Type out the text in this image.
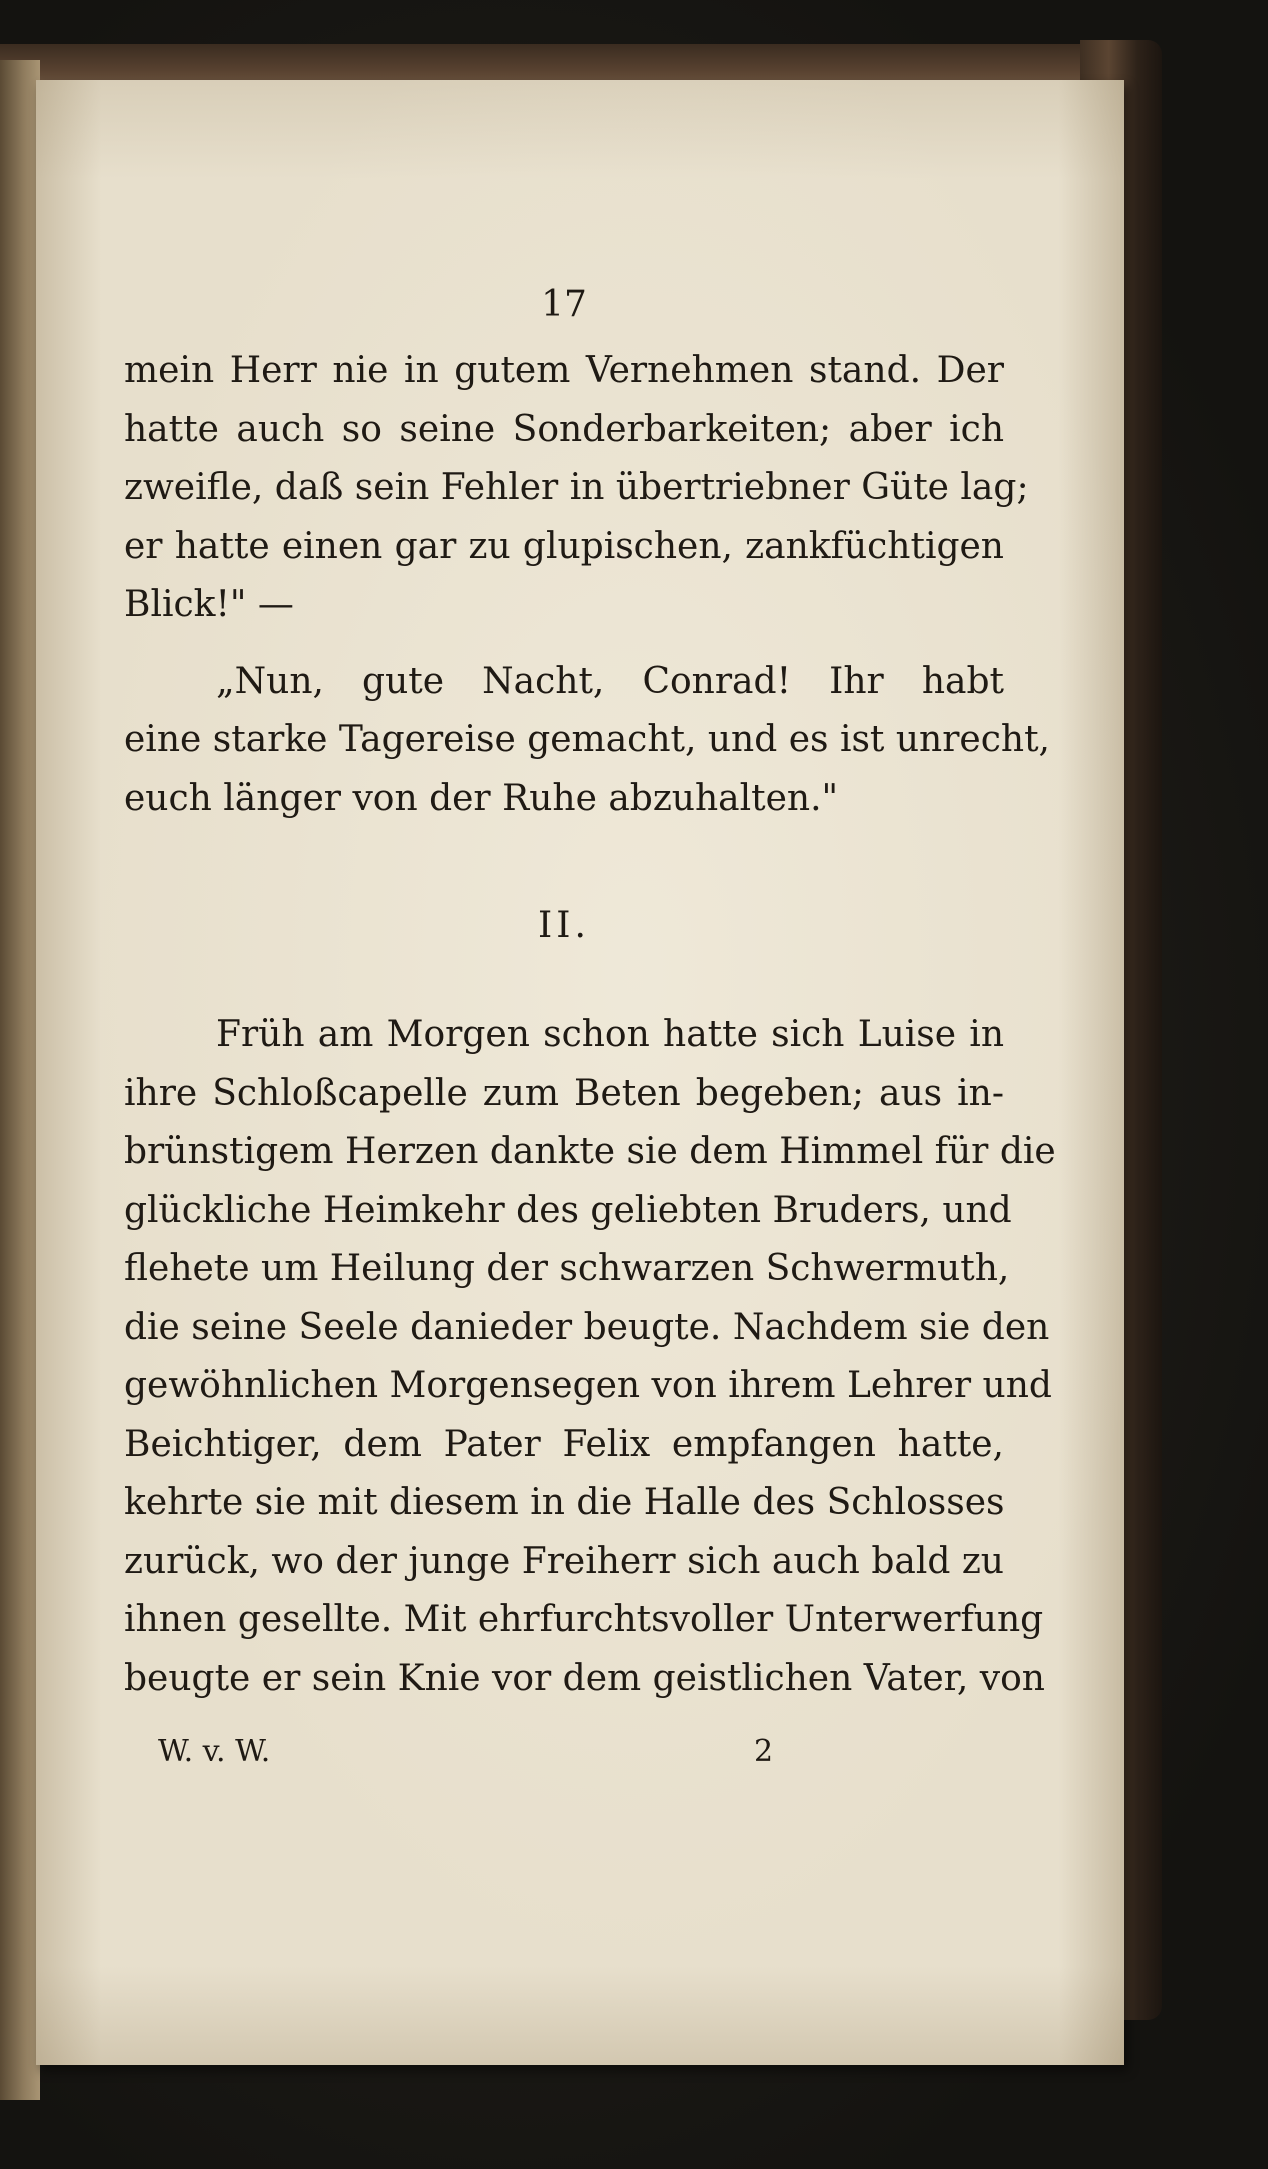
17
mein Herr nie in gutem Vernehmen stand. Der
hatte auch so seine Sonderbarkeiten; aber ich
zweifle, daß sein Fehler in übertriebner Güte lag;
er hatte einen gar zu glupischen, zankfüchtigen
Blick!" —
„Nun, gute Nacht, Conrad! Ihr habt
eine starke Tagereise gemacht, und es ist unrecht,
euch länger von der Ruhe abzuhalten."
II.
Früh am Morgen schon hatte sich Luise in
ihre Schloßcapelle zum Beten begeben; aus in-
brünstigem Herzen dankte sie dem Himmel für die
glückliche Heimkehr des geliebten Bruders, und
flehete um Heilung der schwarzen Schwermuth,
die seine Seele danieder beugte. Nachdem sie den
gewöhnlichen Morgensegen von ihrem Lehrer und
Beichtiger, dem Pater Felix empfangen hatte,
kehrte sie mit diesem in die Halle des Schlosses
zurück, wo der junge Freiherr sich auch bald zu
ihnen gesellte. Mit ehrfurchtsvoller Unterwerfung
beugte er sein Knie vor dem geistlichen Vater, von
W. v. W.	2
